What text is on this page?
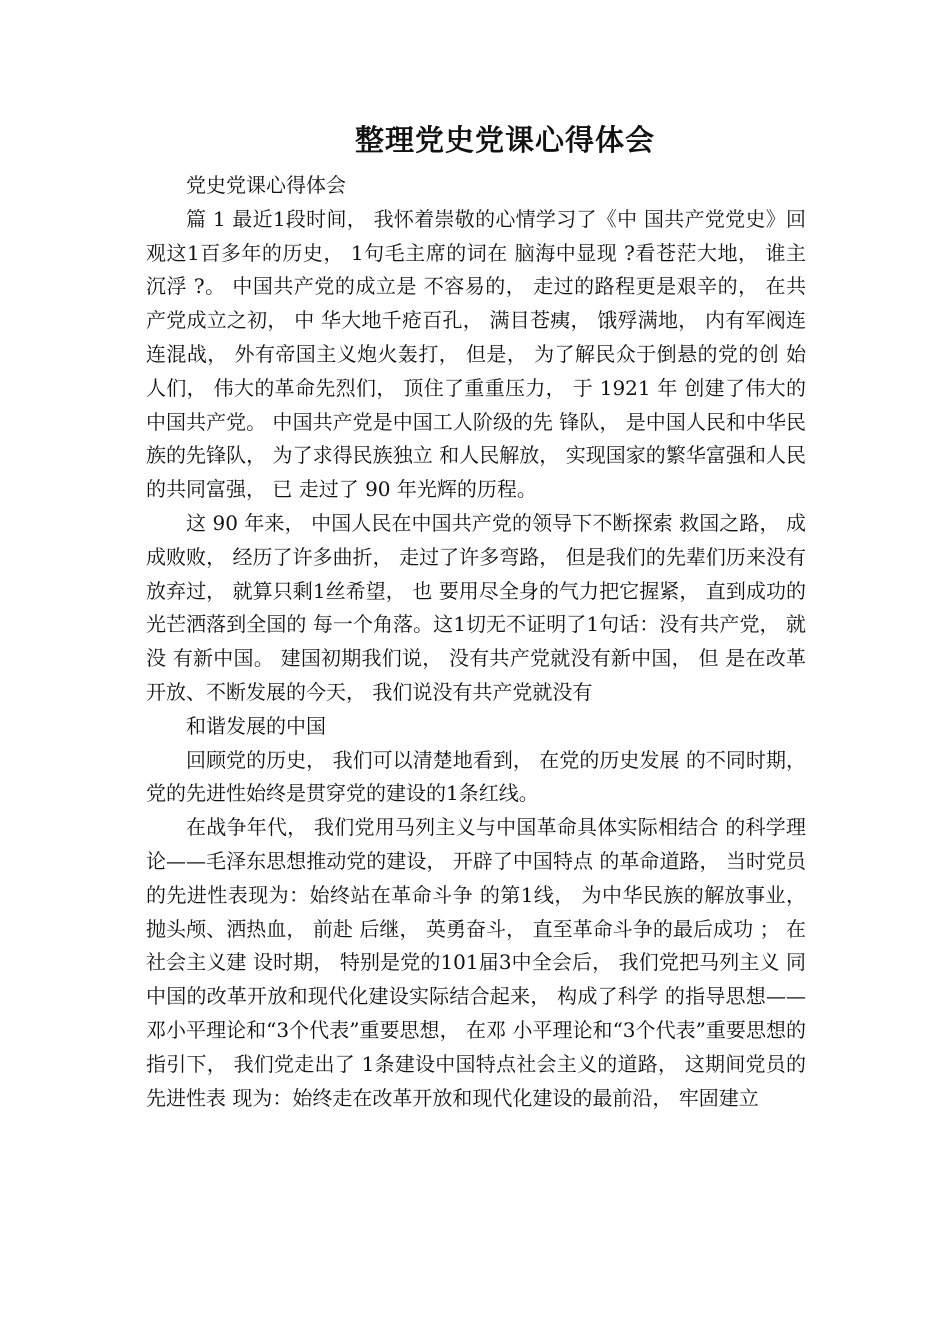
整理党史党课心得体会

党史党课心得体会

篇 1 最近1段时间， 我怀着崇敬的心情学习了《中 国共产党党史》回观这1百多年的历史， 1句毛主席的词在 脑海中显现 ?看苍茫大地， 谁主沉浮 ?。 中国共产党的成立是 不容易的， 走过的路程更是艰辛的， 在共产党成立之初， 中 华大地千疮百孔， 满目苍痍， 饿殍满地， 内有军阀连连混战， 外有帝国主义炮火轰打， 但是， 为了解民众于倒悬的党的创 始人们， 伟大的革命先烈们， 顶住了重重压力， 于 1921 年 创建了伟大的中国共产党。 中国共产党是中国工人阶级的先 锋队， 是中国人民和中华民族的先锋队， 为了求得民族独立 和人民解放， 实现国家的繁华富强和人民的共同富强， 已 走过了 90 年光辉的历程。

这 90 年来， 中国人民在中国共产党的领导下不断探索 救国之路， 成成败败， 经历了许多曲折， 走过了许多弯路， 但是我们的先辈们历来没有放弃过， 就算只剩1丝希望， 也 要用尽全身的气力把它握紧， 直到成功的光芒洒落到全国的 每一个角落。这1切无不证明了1句话：没有共产党， 就没 有新中国。 建国初期我们说， 没有共产党就没有新中国， 但 是在改革开放、不断发展的今天， 我们说没有共产党就没有

和谐发展的中国

回顾党的历史， 我们可以清楚地看到， 在党的历史发展 的不同时期， 党的先进性始终是贯穿党的建设的1条红线。

在战争年代， 我们党用马列主义与中国革命具体实际相结合 的科学理论——毛泽东思想推动党的建设， 开辟了中国特点 的革命道路， 当时党员的先进性表现为：始终站在革命斗争 的第1线， 为中华民族的解放事业， 抛头颅、洒热血， 前赴 后继， 英勇奋斗， 直至革命斗争的最后成功 ； 在社会主义建 设时期， 特别是党的101届3中全会后， 我们党把马列主义 同中国的改革开放和现代化建设实际结合起来， 构成了科学 的指导思想——邓小平理论和“3个代表”重要思想， 在邓 小平理论和“3个代表”重要思想的指引下， 我们党走出了 1条建设中国特点社会主义的道路， 这期间党员的先进性表 现为：始终走在改革开放和现代化建设的最前沿， 牢固建立
